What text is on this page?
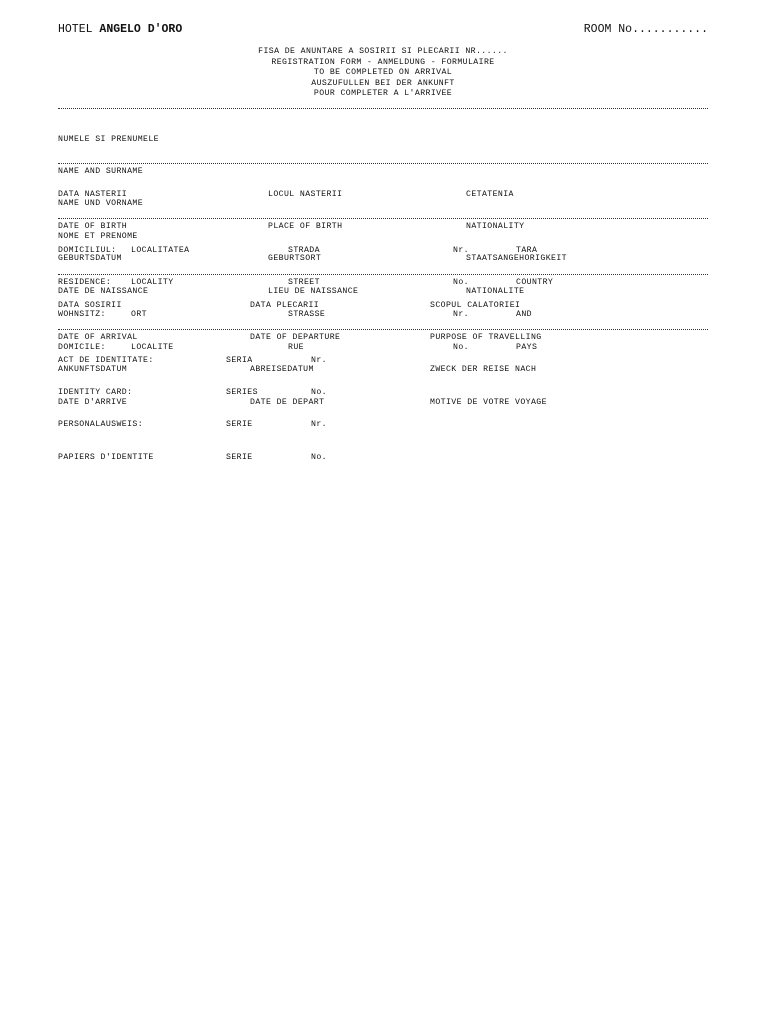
HOTEL ANGELO D'ORO	ROOM No...........
FISA DE ANUNTARE A SOSIRII SI PLECARII NR......
REGISTRATION FORM - ANMELDUNG - FORMULAIRE
TO BE COMPLETED ON ARRIVAL
AUSZUFULLEN BEI DER ANKUNFT
POUR COMPLETER A L'ARRIVEE

NUMELE SI PRENUMELE

NAME AND SURNAME

NAME UND VORNAME

NOME ET PRENOME

DATA NASTERII

DATE OF BIRTH

GEBURTSDATUM

DATE DE NAISSANCE

LOCUL NASTERII

PLACE OF BIRTH

GEBURTSORT

LIEU DE NAISSANCE

CETATENIA

NATIONALITY

STAATSANGEHORIGKEIT

NATIONALITE

DOMICILIUL:

RESIDENCE:

WOHNSITZ:

DOMICILE:

LOCALITATEA

LOCALITY

ORT

LOCALITE

STRADA

STREET

STRASSE

RUE

Nr.

No.

Nr.

No.

TARA

COUNTRY

AND

PAYS

DATA SOSIRII

DATE OF ARRIVAL

ANKUNFTSDATUM

DATE D'ARRIVE

DATA PLECARII

DATE OF DEPARTURE

ABREISEDATUM

DATE DE DEPART

SCOPUL CALATORIEI

PURPOSE OF TRAVELLING

ZWECK DER REISE NACH

MOTIVE DE VOTRE VOYAGE

ACT DE IDENTITATE:

IDENTITY CARD:

PERSONALAUSWEIS:

PAPIERS D'IDENTITE

SERIA

SERIES

SERIE

SERIE

Nr.

No.

Nr.

No.
